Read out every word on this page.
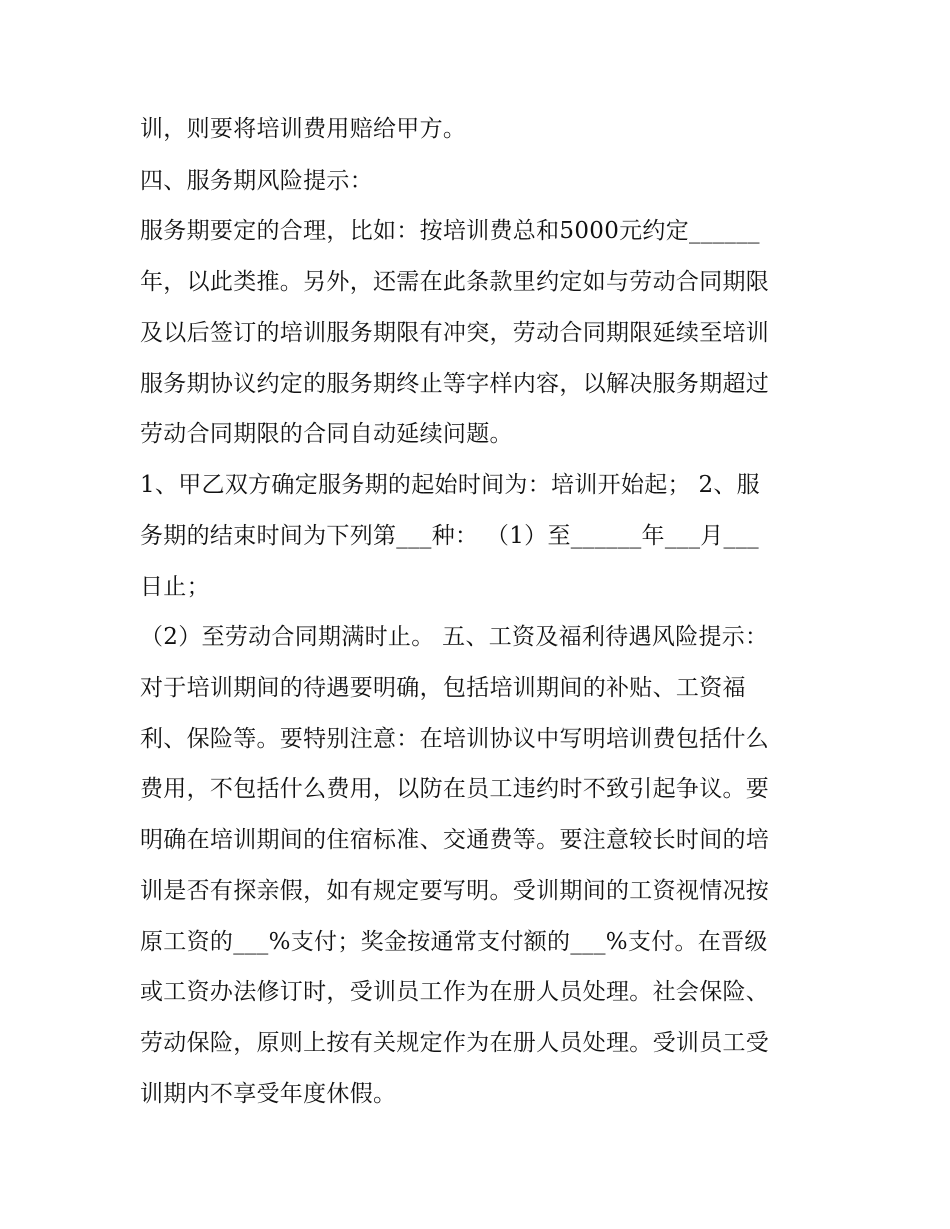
训，则要将培训费用赔给甲方。
四、服务期风险提示：
服务期要定的合理，比如：按培训费总和5000元约定______
年，以此类推。另外，还需在此条款里约定如与劳动合同期限
及以后签订的培训服务期限有冲突，劳动合同期限延续至培训
服务期协议约定的服务期终止等字样内容，以解决服务期超过
劳动合同期限的合同自动延续问题。
1、甲乙双方确定服务期的起始时间为：培训开始起； 2、服
务期的结束时间为下列第___种： （1）至______年___月___
日止；
（2）至劳动合同期满时止。 五、工资及福利待遇风险提示：
对于培训期间的待遇要明确，包括培训期间的补贴、工资福
利、保险等。要特别注意：在培训协议中写明培训费包括什么
费用，不包括什么费用，以防在员工违约时不致引起争议。要
明确在培训期间的住宿标准、交通费等。要注意较长时间的培
训是否有探亲假，如有规定要写明。受训期间的工资视情况按
原工资的___%支付；奖金按通常支付额的___%支付。在晋级
或工资办法修订时，受训员工作为在册人员处理。社会保险、
劳动保险，原则上按有关规定作为在册人员处理。受训员工受
训期内不享受年度休假。
